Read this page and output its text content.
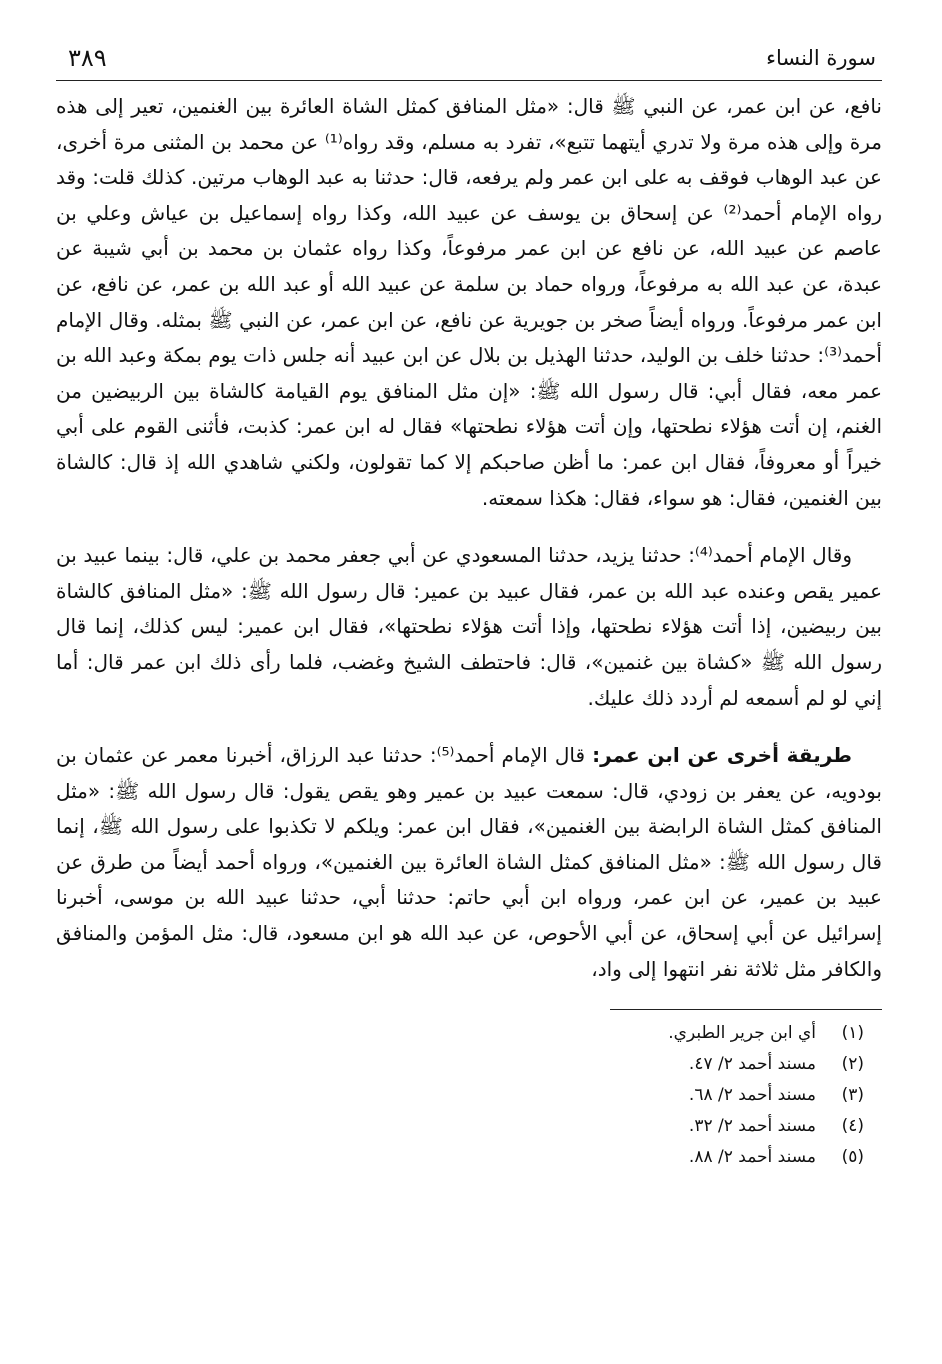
سورة النساء
٣٨٩

نافع، عن ابن عمر، عن النبي ﷺ قال: «مثل المنافق كمثل الشاة العائرة بين الغنمين، تعير إلى هذه مرة وإلى هذه مرة ولا تدري أيتهما تتبع»، تفرد به مسلم، وقد رواه⁽¹⁾ عن محمد بن المثنى مرة أخرى، عن عبد الوهاب فوقف به على ابن عمر ولم يرفعه، قال: حدثنا به عبد الوهاب مرتين. كذلك قلت: وقد رواه الإمام أحمد⁽²⁾ عن إسحاق بن يوسف عن عبيد الله، وكذا رواه إسماعيل بن عياش وعلي بن عاصم عن عبيد الله، عن نافع عن ابن عمر مرفوعاً، وكذا رواه عثمان بن محمد بن أبي شيبة عن عبدة، عن عبد الله به مرفوعاً، ورواه حماد بن سلمة عن عبيد الله أو عبد الله بن عمر، عن نافع، عن ابن عمر مرفوعاً. ورواه أيضاً صخر بن جويرية عن نافع، عن ابن عمر، عن النبي ﷺ بمثله. وقال الإمام أحمد⁽³⁾: حدثنا خلف بن الوليد، حدثنا الهذيل بن بلال عن ابن عبيد أنه جلس ذات يوم بمكة وعبد الله بن عمر معه، فقال أبي: قال رسول الله ﷺ: «إن مثل المنافق يوم القيامة كالشاة بين الربيضين من الغنم، إن أتت هؤلاء نطحتها، وإن أتت هؤلاء نطحتها» فقال له ابن عمر: كذبت، فأثنى القوم على أبي خيراً أو معروفاً، فقال ابن عمر: ما أظن صاحبكم إلا كما تقولون، ولكني شاهدي الله إذ قال: كالشاة بين الغنمين، فقال: هو سواء، فقال: هكذا سمعته.

وقال الإمام أحمد⁽⁴⁾: حدثنا يزيد، حدثنا المسعودي عن أبي جعفر محمد بن علي، قال: بينما عبيد بن عمير يقص وعنده عبد الله بن عمر، فقال عبيد بن عمير: قال رسول الله ﷺ: «مثل المنافق كالشاة بين ربيضين، إذا أتت هؤلاء نطحتها، وإذا أتت هؤلاء نطحتها»، فقال ابن عمير: ليس كذلك، إنما قال رسول الله ﷺ «كشاة بين غنمين»، قال: فاحتطف الشيخ وغضب، فلما رأى ذلك ابن عمر قال: أما إني لو لم أسمعه لم أردد ذلك عليك.

طريقة أخرى عن ابن عمر: قال الإمام أحمد⁽⁵⁾: حدثنا عبد الرزاق، أخبرنا معمر عن عثمان بن بودويه، عن يعفر بن زودي، قال: سمعت عبيد بن عمير وهو يقص يقول: قال رسول الله ﷺ: «مثل المنافق كمثل الشاة الرابضة بين الغنمين»، فقال ابن عمر: ويلكم لا تكذبوا على رسول الله ﷺ، إنما قال رسول الله ﷺ: «مثل المنافق كمثل الشاة العائرة بين الغنمين»، ورواه أحمد أيضاً من طرق عن عبيد بن عمير، عن ابن عمر، ورواه ابن أبي حاتم: حدثنا أبي، حدثنا عبيد الله بن موسى، أخبرنا إسرائيل عن أبي إسحاق، عن أبي الأحوص، عن عبد الله هو ابن مسعود، قال: مثل المؤمن والمنافق والكافر مثل ثلاثة نفر انتهوا إلى واد،

(١)
أي ابن جرير الطبري.
(٢)
مسند أحمد ٢/ ٤٧.
(٣)
مسند أحمد ٢/ ٦٨.
(٤)
مسند أحمد ٢/ ٣٢.
(٥)
مسند أحمد ٢/ ٨٨.
